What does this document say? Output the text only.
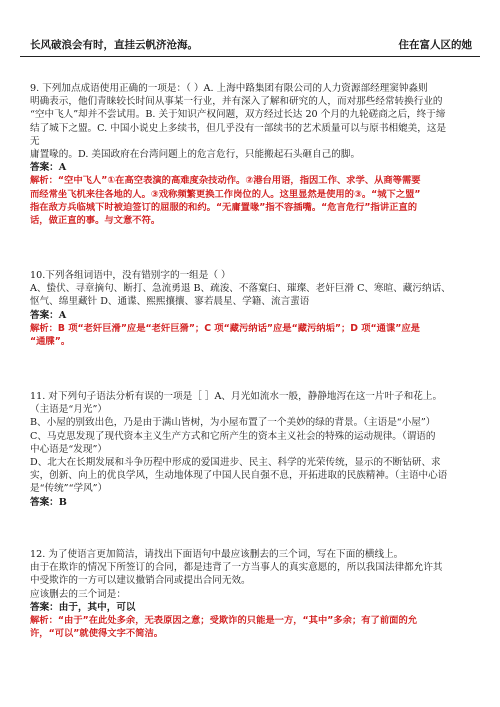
长风破浪会有时，直挂云帆济沧海。	住在富人区的她
9. 下列加点成语使用正确的一项是：（ ）A. 上海中路集团有限公司的人力资源部经理窦钟淼则
明确表示，他们青睐较长时间从事某一行业，并有深入了解和研究的人，而对那些经常转换行业的
“空中飞人”却并不尝试用。B. 关于知识产权问题，双方经过长达 20 个月的九轮磋商之后，终于缔
结了城下之盟。C. 中国小说史上多续书，但几乎没有一部续书的艺术质量可以与原书相媲美，这是
无
庸置喙的。D. 美国政府在台湾问题上的危言危行，只能搬起石头砸自己的脚。
答案：A
解析：“空中飞人”①在高空表演的高难度杂技动作。②港台用语，指因工作、求学、从商等需要
而经常坐飞机来往各地的人。③戏称频繁更换工作岗位的人。这里显然是使用的③。“城下之盟”
指在敌方兵临城下时被迫签订的屈服的和约。“无庸置喙”指不容插嘴。“危言危行”指讲正直的
话，做正直的事。与文意不符。
10.下列各组词语中，没有错别字的一组是（ ）
A、蛰伏、寻章摘句、断打、急流勇退 B、疏浚、不落窠臼、璀璨、老奸巨滑 C、寒暄、藏污纳话、
怄气、绵里藏针 D、通谍、熙熙攘攘、寥若晨星、学籍、流言蜚语
答案：A
解析：B 项“老奸巨滑”应是“老奸巨猾”；C 项“藏污纳话”应是“藏污纳垢”；D 项“通谍”应是
“通牒”。
11. 对下列句子语法分析有误的一项是［ ］A、月光如流水一般，静静地泻在这一片叶子和花上。
（主语是“月光”）
B、小屋的别致出色，乃是由于满山皆树，为小屋布置了一个美妙的绿的背景。（主语是“小屋”）
C、马克思发现了现代资本主义生产方式和它所产生的资本主义社会的特殊的运动规律。（谓语的
中心语是“发现”）
D、北大在长期发展和斗争历程中形成的爱国进步、民主、科学的光荣传统，显示的不断钻研、求
实，创新、向上的优良学风，生动地体现了中国人民自强不息，开拓进取的民族精神。（主语中心语
是“传统”“学风”）
答案：B
12. 为了使语言更加简洁，请找出下面语句中最应该删去的三个词，写在下面的横线上。
由于在欺诈的情况下所签订的合同，都是违背了一方当事人的真实意愿的，所以我国法律都允许其
中受欺诈的一方可以建议撤销合同或提出合同无效。
应该删去的三个词是：
答案：由于，其中，可以
解析：“由于”在此处多余，无表原因之意；受欺诈的只能是一方，“其中”多余；有了前面的允
许，“可以”就使得文字不简洁。
